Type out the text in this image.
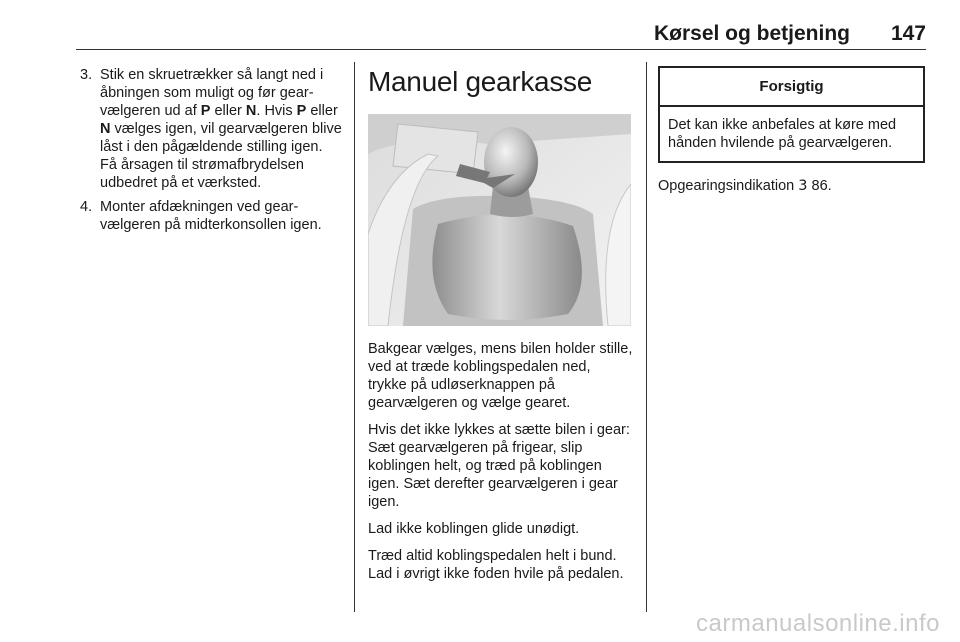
Kørsel og betjening 147
3. Stik en skruetrækker så langt ned i åbningen som muligt og før gearvælgeren ud af P eller N. Hvis P eller N vælges igen, vil gearvælgeren blive låst i den pågældende stilling igen. Få årsagen til strømafbrydelsen udbedret på et værksted.
4. Monter afdækningen ved gearvælgeren på midterkonsollen igen.
Manuel gearkasse

Bakgear vælges, mens bilen holder stille, ved at træde koblingspedalen ned, trykke på udløserknappen på gearvælgeren og vælge gearet.

Hvis det ikke lykkes at sætte bilen i gear: Sæt gearvælgeren på frigear, slip koblingen helt, og træd på koblingen igen. Sæt derefter gearvælgeren i gear igen.

Lad ikke koblingen glide unødigt.

Træd altid koblingspedalen helt i bund. Lad i øvrigt ikke foden hvile på pedalen.

Forsigtig
Det kan ikke anbefales at køre med hånden hvilende på gearvælgeren.
Opgearingsindikation 3 86.
carmanualsonline.info
